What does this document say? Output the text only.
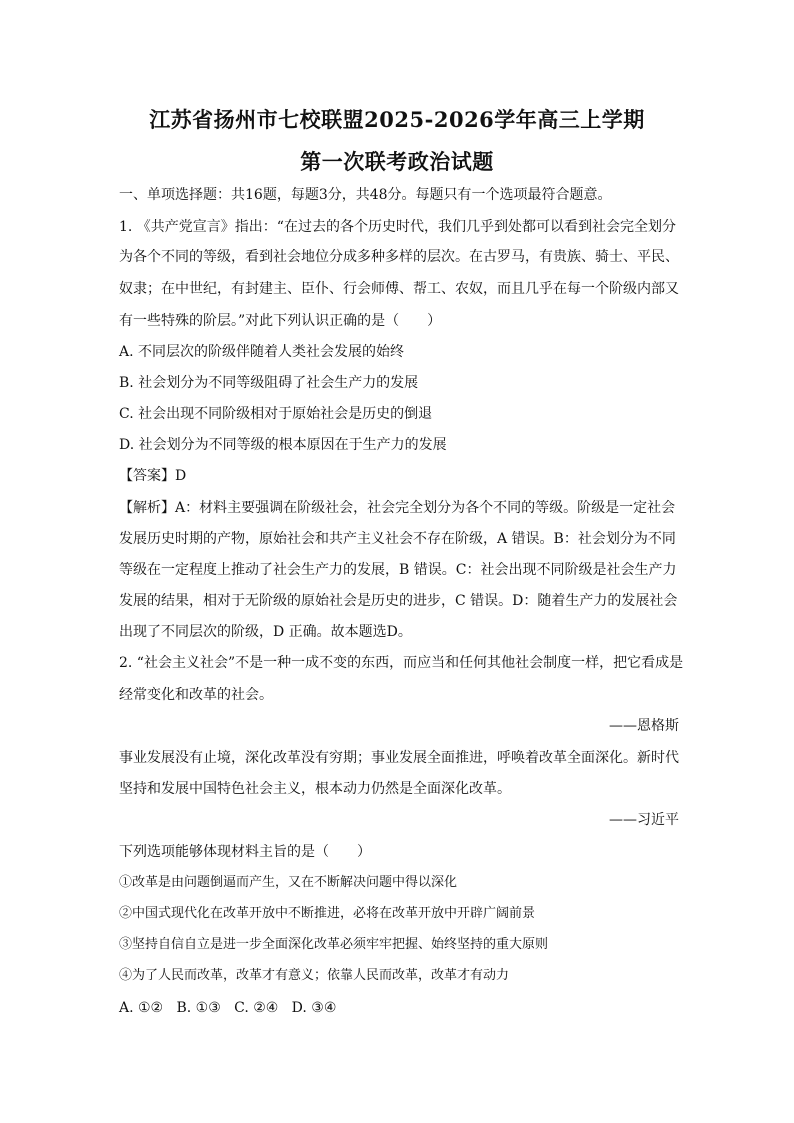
江苏省扬州市七校联盟2025-2026学年高三上学期
第一次联考政治试题
一、单项选择题：共16题，每题3分，共48分。每题只有一个选项最符合题意。
1. 《共产党宣言》指出：“在过去的各个历史时代，我们几乎到处都可以看到社会完全划分
为各个不同的等级，看到社会地位分成多种多样的层次。在古罗马，有贵族、骑士、平民、
奴隶；在中世纪，有封建主、臣仆、行会师傅、帮工、农奴，而且几乎在每一个阶级内部又
有一些特殊的阶层。”对此下列认识正确的是（　　）
A. 不同层次的阶级伴随着人类社会发展的始终
B. 社会划分为不同等级阻碍了社会生产力的发展
C. 社会出现不同阶级相对于原始社会是历史的倒退
D. 社会划分为不同等级的根本原因在于生产力的发展
【答案】D
【解析】A：材料主要强调在阶级社会，社会完全划分为各个不同的等级。阶级是一定社会
发展历史时期的产物，原始社会和共产主义社会不存在阶级，A 错误。B：社会划分为不同
等级在一定程度上推动了社会生产力的发展，B 错误。C：社会出现不同阶级是社会生产力
发展的结果，相对于无阶级的原始社会是历史的进步，C 错误。D：随着生产力的发展社会
出现了不同层次的阶级，D 正确。故本题选D。
2. “社会主义社会”不是一种一成不变的东西，而应当和任何其他社会制度一样，把它看成是
经常变化和改革的社会。
——恩格斯
事业发展没有止境，深化改革没有穷期；事业发展全面推进，呼唤着改革全面深化。新时代
坚持和发展中国特色社会主义，根本动力仍然是全面深化改革。
——习近平
下列选项能够体现材料主旨的是（　　）
①改革是由问题倒逼而产生，又在不断解决问题中得以深化
②中国式现代化在改革开放中不断推进，必将在改革开放中开辟广阔前景
③坚持自信自立是进一步全面深化改革必须牢牢把握、始终坚持的重大原则
④为了人民而改革，改革才有意义；依靠人民而改革，改革才有动力
A. ①②   B. ①③   C. ②④   D. ③④
